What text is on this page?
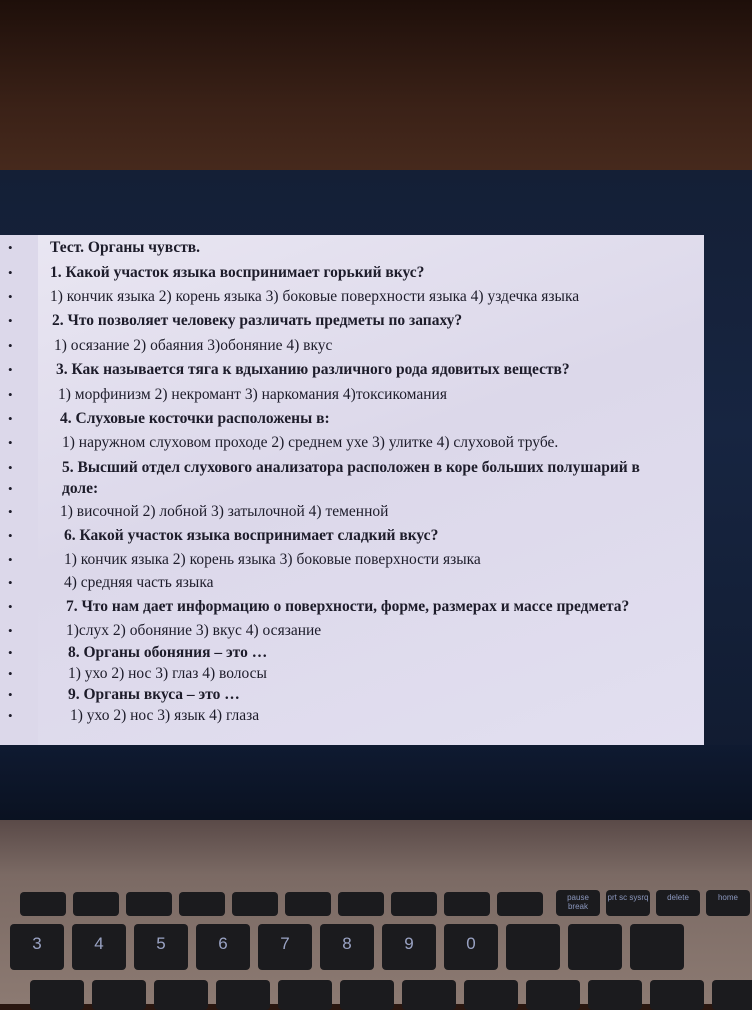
Тест. Органы чувств.
1. Какой участок языка воспринимает горький вкус?
1) кончик языка 2) корень языка 3) боковые поверхности языка 4) уздечка языка
2. Что позволяет человеку различать предметы по запаху?
1) осязание 2) обаяния 3)обоняние 4) вкус
3. Как называется тяга к вдыханию различного рода ядовитых веществ?
1) морфинизм 2) некромант 3) наркомания 4)токсикомания
4. Слуховые косточки расположены в:
1) наружном слуховом проходе 2) среднем ухе 3) улитке 4) слуховой трубе.
5. Высший отдел слухового анализатора расположен в коре больших полушарий в
доле:
1) височной 2) лобной 3) затылочной 4) теменной
6. Какой участок языка воспринимает сладкий вкус?
1) кончик языка 2) корень языка 3) боковые поверхности языка
4) средняя часть языка
7. Что нам дает информацию о поверхности, форме, размерах и массе предмета?
1)слух 2) обоняние 3) вкус 4) осязание
8. Органы обоняния – это …
1) ухо 2) нос 3) глаз 4) волосы
9. Органы вкуса – это …
1) ухо 2) нос 3) язык 4) глаза
pause break
prt sc sysrq	delete	home
3	4	5	6	7	8	9	0
•
•
•
•
•
•
•
•
•
•
•
•
•
•
•
•
•
•
•
•
•
